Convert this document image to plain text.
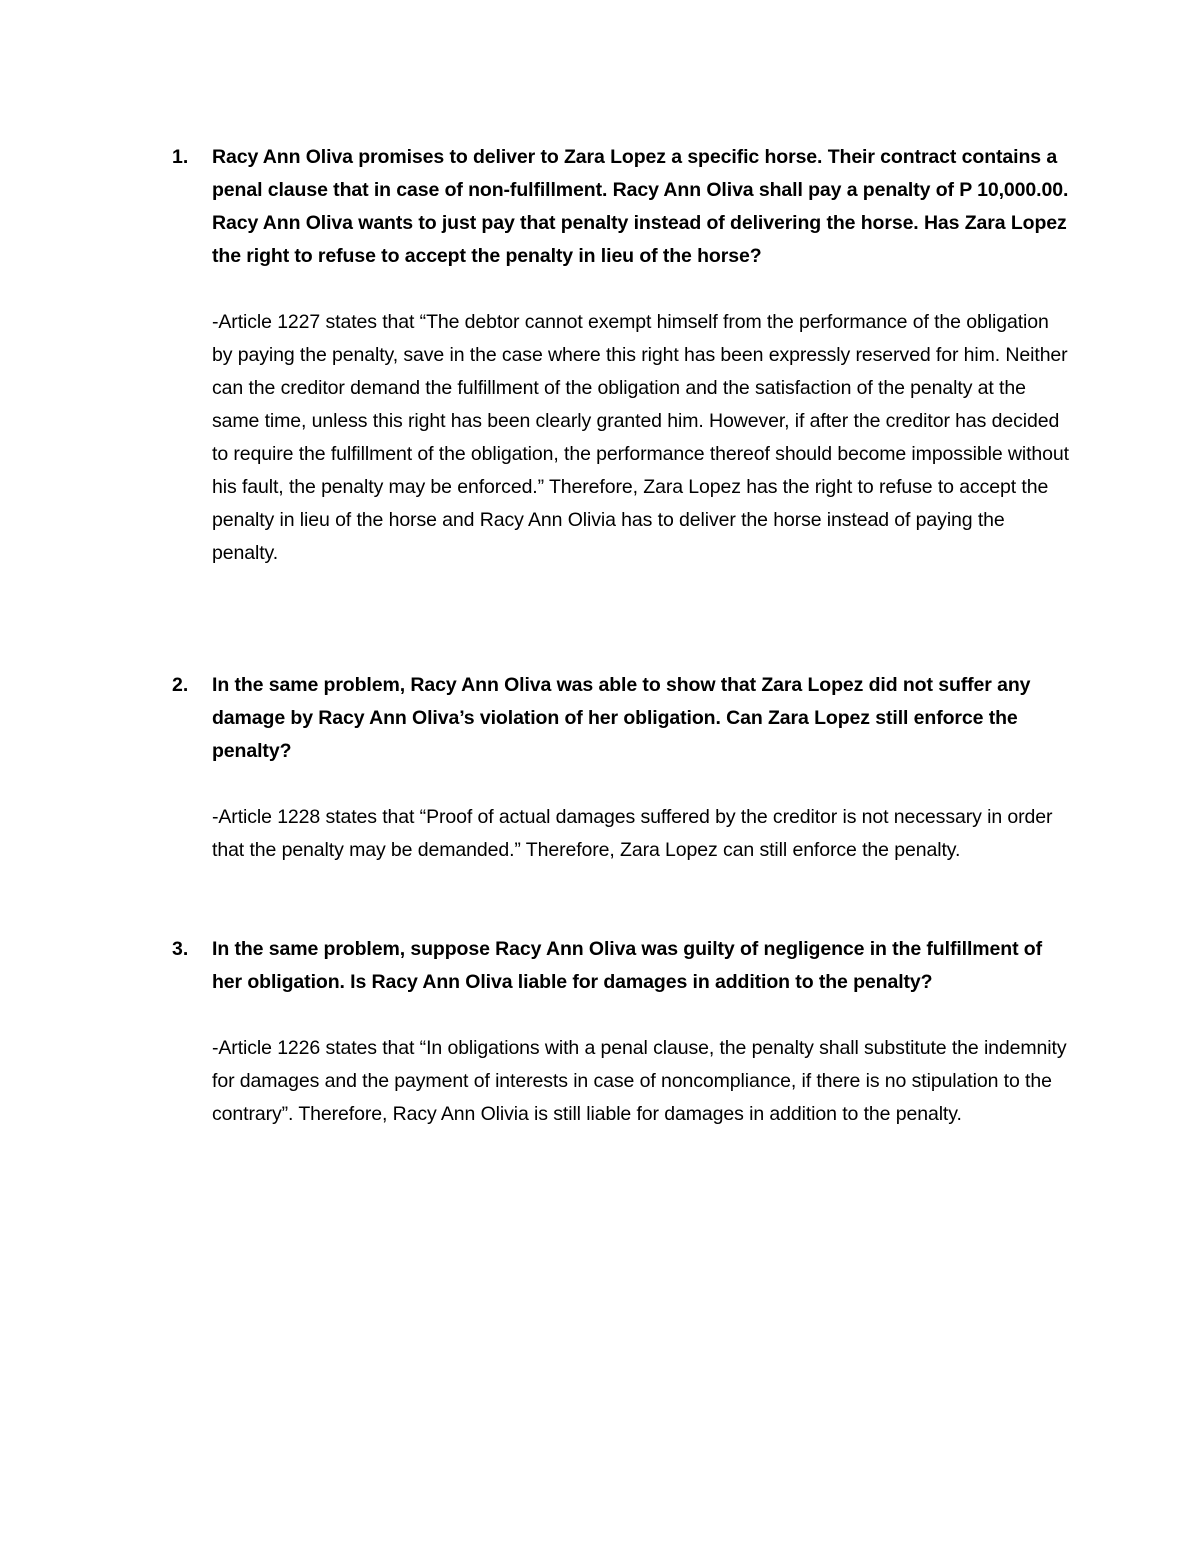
1. Racy Ann Oliva promises to deliver to Zara Lopez a specific horse. Their contract contains a penal clause that in case of non-fulfillment. Racy Ann Oliva shall pay a penalty of P 10,000.00. Racy Ann Oliva wants to just pay that penalty instead of delivering the horse. Has Zara Lopez the right to refuse to accept the penalty in lieu of the horse?

-Article 1227 states that “The debtor cannot exempt himself from the performance of the obligation by paying the penalty, save in the case where this right has been expressly reserved for him. Neither can the creditor demand the fulfillment of the obligation and the satisfaction of the penalty at the same time, unless this right has been clearly granted him. However, if after the creditor has decided to require the fulfillment of the obligation, the performance thereof should become impossible without his fault, the penalty may be enforced.” Therefore, Zara Lopez has the right to refuse to accept the penalty in lieu of the horse and Racy Ann Olivia has to deliver the horse instead of paying the penalty.

2. In the same problem, Racy Ann Oliva was able to show that Zara Lopez did not suffer any damage by Racy Ann Oliva’s violation of her obligation. Can Zara Lopez still enforce the penalty?

-Article 1228 states that “Proof of actual damages suffered by the creditor is not necessary in order that the penalty may be demanded.” Therefore, Zara Lopez can still enforce the penalty.

3. In the same problem, suppose Racy Ann Oliva was guilty of negligence in the fulfillment of her obligation. Is Racy Ann Oliva liable for damages in addition to the penalty?

-Article 1226 states that “In obligations with a penal clause, the penalty shall substitute the indemnity for damages and the payment of interests in case of noncompliance, if there is no stipulation to the contrary”. Therefore, Racy Ann Olivia is still liable for damages in addition to the penalty.
